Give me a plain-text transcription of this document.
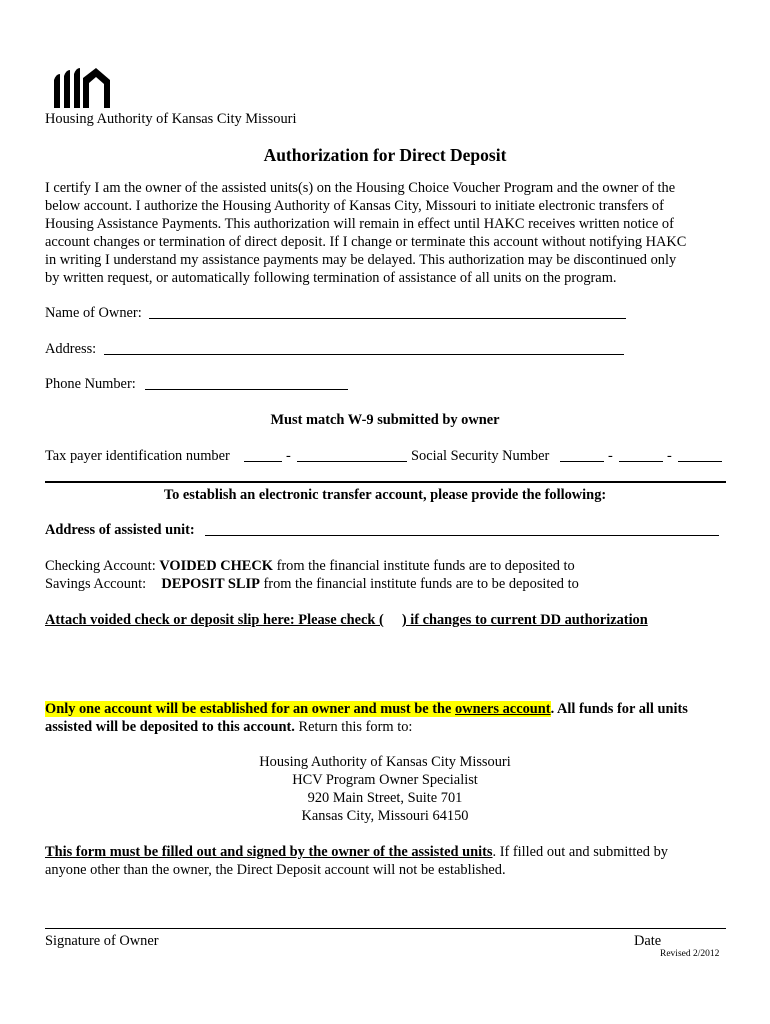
Housing Authority of Kansas City Missouri
Authorization for Direct Deposit
I certify I am the owner of the assisted units(s) on the Housing Choice Voucher Program and the owner of the
below account. I authorize the Housing Authority of Kansas City, Missouri to initiate electronic transfers of
Housing Assistance Payments. This authorization will remain in effect until HAKC receives written notice of
account changes or termination of direct deposit. If I change or terminate this account without notifying HAKC
in writing I understand my assistance payments may be delayed. This authorization may be discontinued only
by written request, or automatically following termination of assistance of all units on the program.
Name of Owner:
Address:
Phone Number:
Must match W-9 submitted by owner
Tax payer identification number	-	Social Security Number	-	-
To establish an electronic transfer account, please provide the following:
Address of assisted unit:
Checking Account: VOIDED CHECK from the financial institute funds are to deposited to
Savings Account: DEPOSIT SLIP from the financial institute funds are to be deposited to
Attach voided check or deposit slip here: Please check ( ) if changes to current DD authorization
Only one account will be established for an owner and must be the owners account. All funds for all units
assisted will be deposited to this account. Return this form to:
Housing Authority of Kansas City Missouri
HCV Program Owner Specialist
920 Main Street, Suite 701
Kansas City, Missouri 64150
This form must be filled out and signed by the owner of the assisted units. If filled out and submitted by
anyone other than the owner, the Direct Deposit account will not be established.
Signature of Owner	Date
Revised 2/2012
